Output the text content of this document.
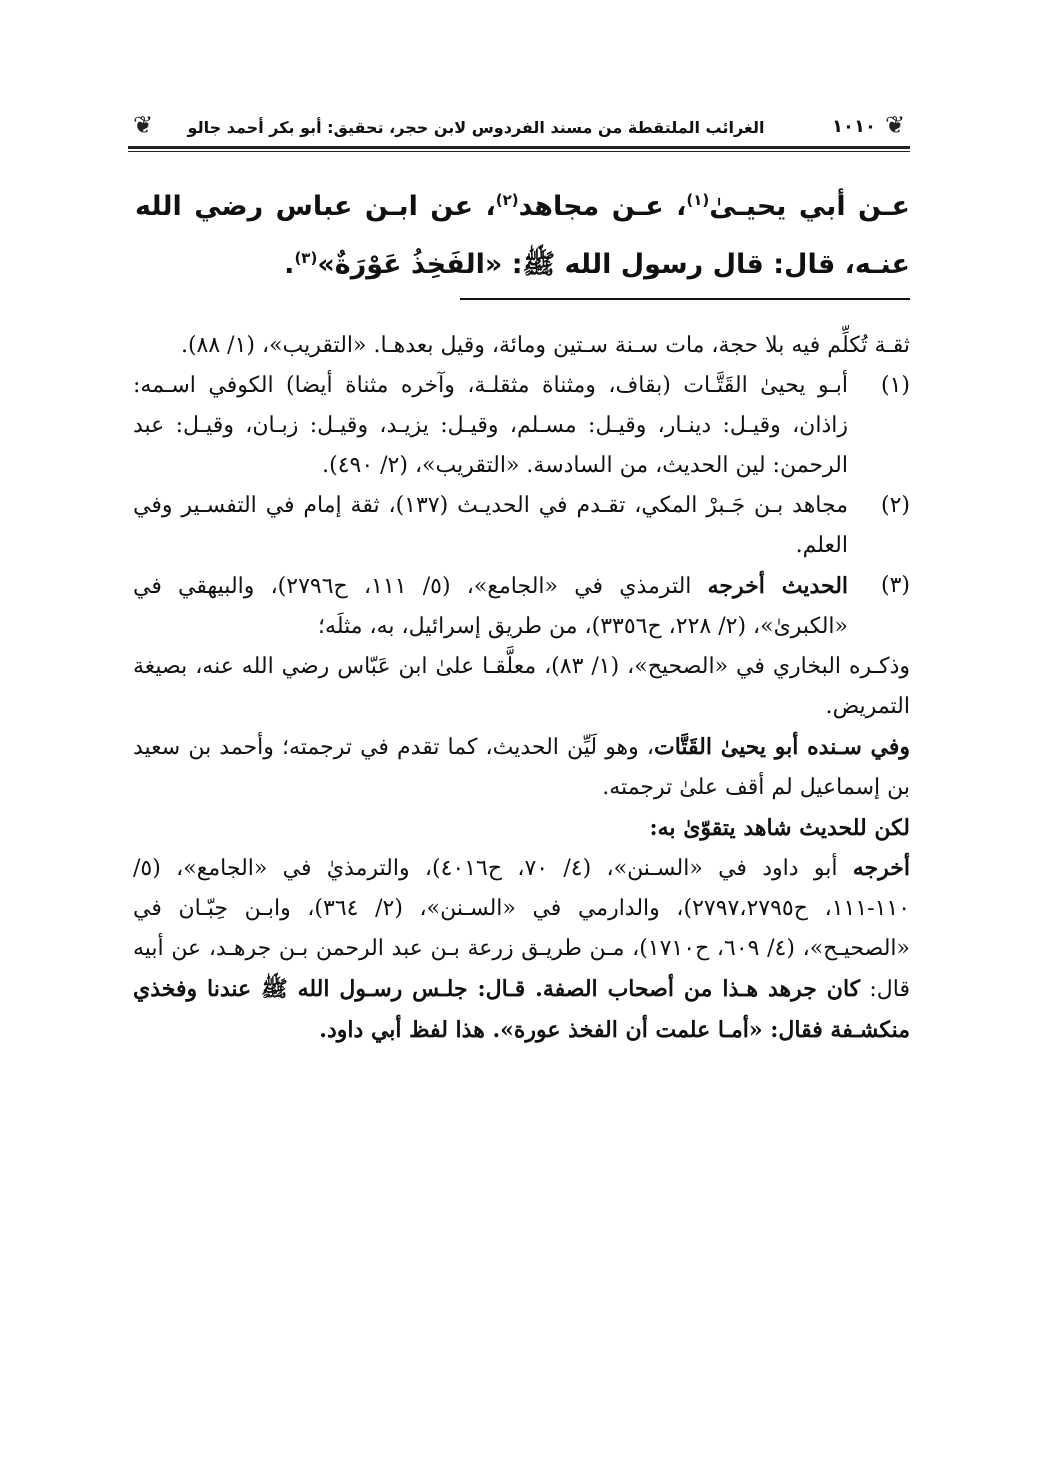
❦
١٠١٠
الغرائب الملتقطة من مسند الفردوس لابن حجر، تحقيق: أبو بكر أحمد جالو
❦

عـن أبي يحيـىٰ$^{(١)}$، عـن مجاهد$^{(٢)}$، عن ابـن عباس رضي الله عنـه، قال: قال رسول الله ﷺ: «الفَخِذُ عَوْرَةٌ»$^{(٣)}$.

ثقـة تُكلِّم فيه بلا حجة، مات سـنة سـتين ومائة، وقيل بعدهـا. «التقريب»، (١/ ٨٨).

(١)
أبـو يحيىٰ القَتَّـات (بقاف، ومثناة مثقلـة، وآخره مثناة أيضا) الكوفي اسـمه: زاذان، وقيـل: دينـار، وقيـل: مسـلم، وقيـل: يزيـد، وقيـل: زبـان، وقيـل: عبد الرحمن: لين الحديث، من السادسة. «التقريب»، (٢/ ٤٩٠).
(٢)
مجاهد بـن جَـبرْ المكي، تقـدم في الحديـث (١٣٧)، ثقة إمام في التفسـير وفي العلم.
(٣)
الحديث أخرجه الترمذي في «الجامع»، (٥/ ١١١، ح٢٧٩٦)، والبيهقي في «الكبرىٰ»، (٢/ ٢٢٨، ح٣٣٥٦)، من طريق إسرائيل، به، مثلَه؛

وذكـره البخاري في «الصحيح»، (١/ ٨٣)، معلَّقـا علىٰ ابن عَبّاس رضي الله عنه، بصيغة التمريض.

وفي سـنده أبو يحيىٰ القَتَّات، وهو لَيِّن الحديث، كما تقدم في ترجمته؛ وأحمد بن سعيد بن إسماعيل لم أقف علىٰ ترجمته.

لكن للحديث شاهد يتقوّىٰ به:

أخرجه أبو داود في «السـنن»، (٤/ ٧٠، ح٤٠١٦)، والترمذيٰ في «الجامع»، (٥/ ١١٠-١١١، ح٢٧٩٧،٢٧٩٥)، والدارمي في «السـنن»، (٢/ ٣٦٤)، وابـن حِبّـان في «الصحيـح»، (٤/ ٦٠٩، ح١٧١٠)، مـن طريـق زرعة بـن عبد الرحمن بـن جرهـد، عن أبيه قال: كان جرهد هـذا من أصحاب الصفة. قـال: جلـس رسـول الله ﷺ عندنا وفخذي منكشـفة فقال: «أمـا علمت أن الفخذ عورة». هذا لفظ أبي داود.
